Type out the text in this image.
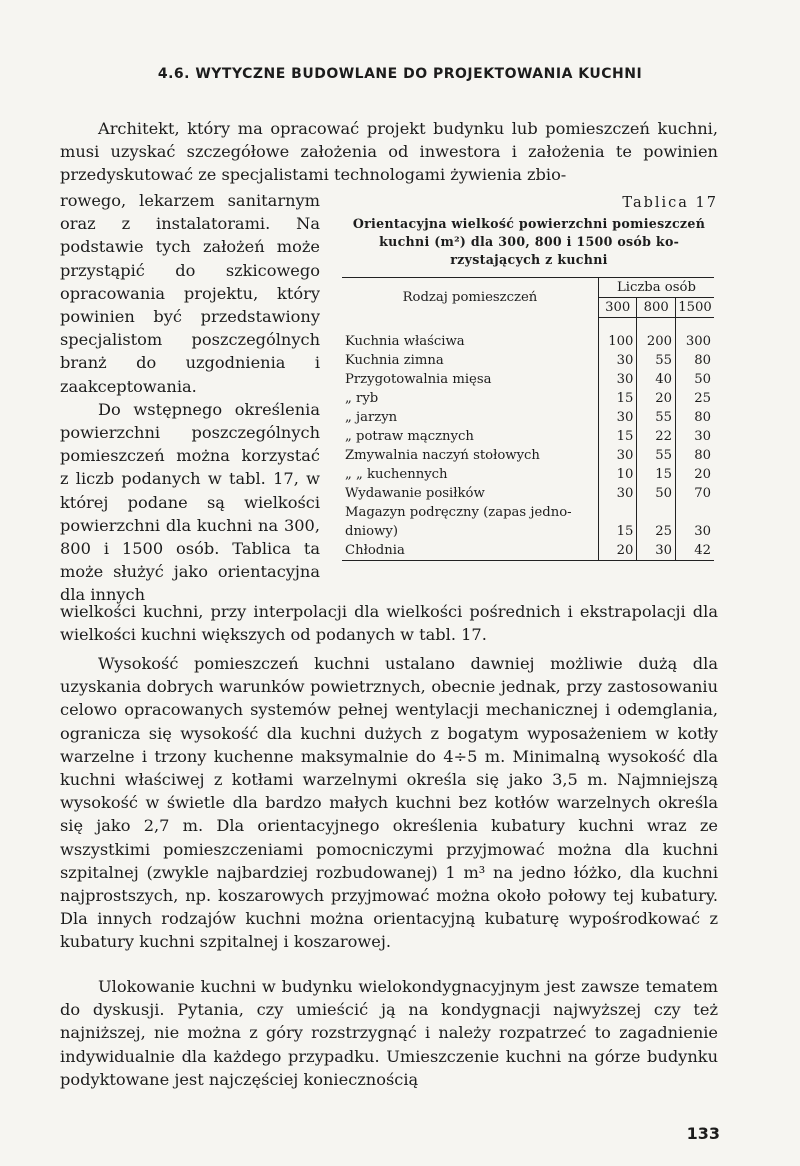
4.6. WYTYCZNE BUDOWLANE DO PROJEKTOWANIA KUCHNI

Architekt, który ma opracować projekt budynku lub pomieszczeń kuchni, musi uzyskać szczegółowe założenia od inwestora i założenia te powinien przedyskutować ze specjalistami technologami żywienia zbio-

rowego, lekarzem sanitarnym oraz z instalatorami. Na podstawie tych założeń może przystąpić do szkicowego opracowania projektu, który powinien być przedstawiony specjalistom poszczególnych branż do uzgodnienia i zaakceptowania.

Do wstępnego określenia powierzchni poszczególnych pomieszczeń można korzystać z liczb podanych w tabl. 17, w której podane są wielkości powierzchni dla kuchni na 300, 800 i 1500 osób. Tablica ta może służyć jako orientacyjna dla innych

Tablica 17
Orientacyjna wielkość powierzchni pomieszczeń kuchni (m²) dla 300, 800 i 1500 osób korzystających z kuchni
Rodzaj pomieszczeń	Liczba osób		
	300	800	1500

Kuchnia właściwa	100	200	300
Kuchnia zimna	30	55	80
Przygotowalnia mięsa	30	40	50
„ ryb	15	20	25
„ jarzyn	30	55	80
„ potraw mącznych	15	22	30
Zmywalnia naczyń stołowych	30	55	80
„ „ kuchennych	10	15	20
Wydawanie posiłków	30	50	70
Magazyn podręczny (zapas jedno-			
dniowy)	15	25	30
Chłodnia	20	30	42

wielkości kuchni, przy interpolacji dla wielkości pośrednich i ekstrapolacji dla wielkości kuchni większych od podanych w tabl. 17.

Wysokość pomieszczeń kuchni ustalano dawniej możliwie dużą dla uzyskania dobrych warunków powietrznych, obecnie jednak, przy zastosowaniu celowo opracowanych systemów pełnej wentylacji mechanicznej i odemglania, ogranicza się wysokość dla kuchni dużych z bogatym wyposażeniem w kotły warzelne i trzony kuchenne maksymalnie do 4÷5 m. Minimalną wysokość dla kuchni właściwej z kotłami warzelnymi określa się jako 3,5 m. Najmniejszą wysokość w świetle dla bardzo małych kuchni bez kotłów warzelnych określa się jako 2,7 m. Dla orientacyjnego określenia kubatury kuchni wraz ze wszystkimi pomieszczeniami pomocniczymi przyjmować można dla kuchni szpitalnej (zwykle najbardziej rozbudowanej) 1 m³ na jedno łóżko, dla kuchni najprostszych, np. koszarowych przyjmować można około połowy tej kubatury. Dla innych rodzajów kuchni można orientacyjną kubaturę wypośrodkować z kubatury kuchni szpitalnej i koszarowej.

Ulokowanie kuchni w budynku wielokondygnacyjnym jest zawsze tematem do dyskusji. Pytania, czy umieścić ją na kondygnacji najwyższej czy też najniższej, nie można z góry rozstrzygnąć i należy rozpatrzeć to zagadnienie indywidualnie dla każdego przypadku. Umieszczenie kuchni na górze budynku podyktowane jest najczęściej koniecznością

133
